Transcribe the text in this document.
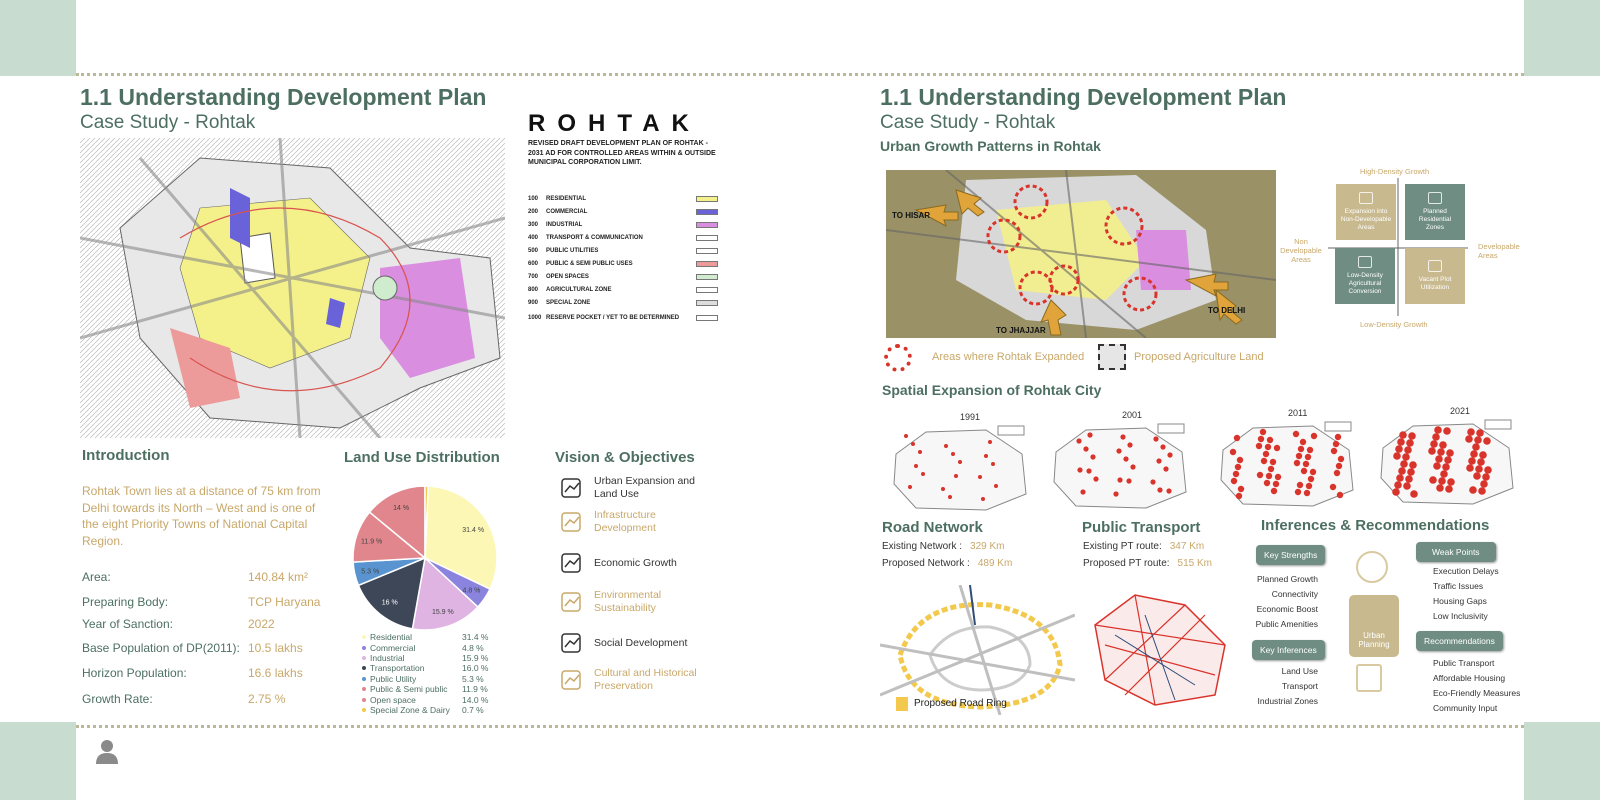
1.1 Understanding Development Plan
Case Study - Rohtak	ROHTAK
REVISED DRAFT DEVELOPMENT PLAN OF ROHTAK - 2031 AD FOR CONTROLLED AREAS WITHIN & OUTSIDE MUNICIPAL CORPORATION LIMIT.
100 RESIDENTIAL
200 COMMERCIAL
300 INDUSTRIAL
400 TRANSPORT & COMMUNICATION
500 PUBLIC UTILITIES
600 PUBLIC & SEMI PUBLIC USES
700 OPEN SPACES
800 AGRICULTURAL ZONE
900 SPECIAL ZONE
1000 RESERVE POCKET / YET TO BE DETERMINED
Introduction
Rohtak Town lies at a distance of 75 km from Delhi towards its North – West and is one of the eight Priority Towns of National Capital Region.
Area:	140.84 km²
Preparing Body:	TCP Haryana
Year of Sanction:	2022
Base Population of DP(2011): 10.5 lakhs
Horizon Population:	16.6 lakhs
Growth Rate:	2.75 %
Land Use Distribution
31.4 %
4.8 %
15.9 %
16 %
5.3 %
11.9 %
14 %
Residential	31.4 %
Commercial	4.8 %
Industrial	15.9 %
Transportation	16.0 %
Public Utility	5.3 %
Public & Semi public	11.9 %
Open space	14.0 %
Special Zone & Dairy	0.7 %
Vision & Objectives
Urban Expansion and Land Use
Infrastructure Development
Economic Growth
Environmental Sustainability
Social Development
Cultural and Historical Preservation
1.1 Understanding Development Plan
Case Study - Rohtak
Urban Growth Patterns in Rohtak
TO HISAR
TO JHAJJAR
TO DELHI
Areas where Rohtak Expanded	Proposed Agriculture Land
High-Density Growth
Low-Density Growth
Non Developable Areas
Developable Areas
Expansion into Non-Developable Areas
Planned Residential Zones
Low-Density Agricultural Conversion
Vacant Plot Utilization
Spatial Expansion of Rohtak City
1991	2001	2011	2021
Road Network
Existing Network : 329 Km
Proposed Network : 489 Km
Proposed Road Ring
Public Transport
Existing PT route: 347 Km
Proposed PT route: 515 Km
Inferences & Recommendations
Key Strengths
Planned Growth
Connectivity
Economic Boost
Public Amenities
Key Inferences
Land Use
Transport
Industrial Zones
Urban Planning
Weak Points
Execution Delays
Traffic Issues
Housing Gaps
Low Inclusivity
Recommendations
Public Transport
Affordable Housing
Eco-Friendly Measures
Community Input
